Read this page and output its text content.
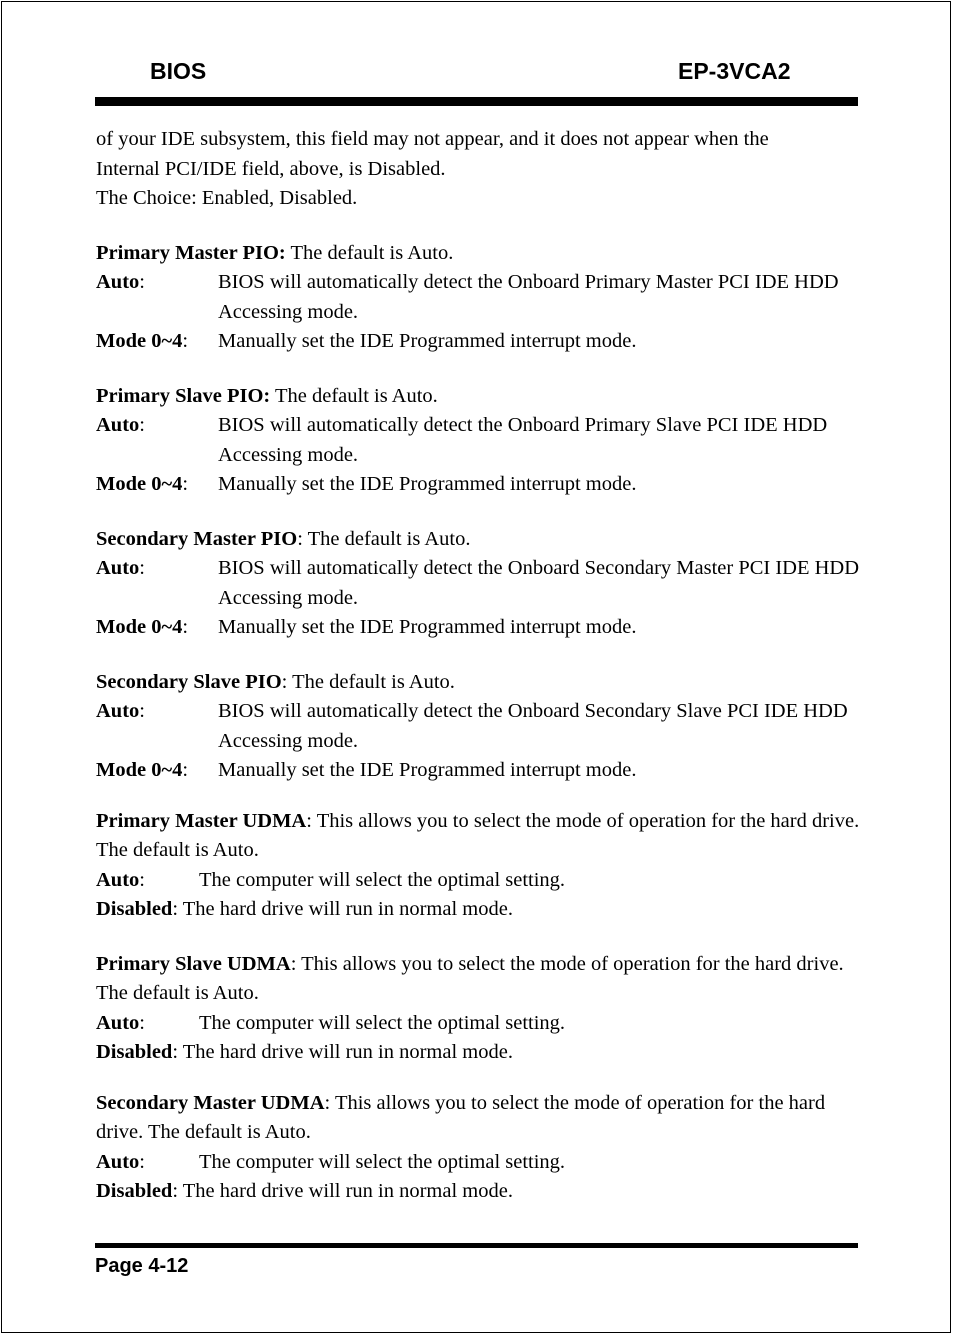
BIOS	EP-3VCA2

of your IDE subsystem, this field may not appear, and it does not appear when the

Internal PCI/IDE field, above, is Disabled.

The Choice: Enabled, Disabled.

Primary Master PIO: The default is Auto.

Auto:	BIOS will automatically detect the Onboard Primary Master PCI IDE HDD Accessing mode.
Mode 0~4:	Manually set the IDE Programmed interrupt mode.

Primary Slave PIO: The default is Auto.

Auto:	BIOS will automatically detect the Onboard Primary Slave PCI IDE HDD Accessing mode.
Mode 0~4:	Manually set the IDE Programmed interrupt mode.

Secondary Master PIO: The default is Auto.

Auto:	BIOS will automatically detect the Onboard Secondary Master PCI IDE HDD Accessing mode.
Mode 0~4:	Manually set the IDE Programmed interrupt mode.

Secondary Slave PIO: The default is Auto.

Auto:	BIOS will automatically detect the Onboard Secondary Slave PCI IDE HDD Accessing mode.
Mode 0~4:	Manually set the IDE Programmed interrupt mode.

Primary Master UDMA: This allows you to select the mode of operation for the hard drive. The default is Auto.

Auto:	The computer will select the optimal setting.

Disabled: The hard drive will run in normal mode.

Primary Slave UDMA: This allows you to select the mode of operation for the hard drive. The default is Auto.

Auto:	The computer will select the optimal setting.

Disabled: The hard drive will run in normal mode.

Secondary Master UDMA: This allows you to select the mode of operation for the hard drive. The default is Auto.

Auto:	The computer will select the optimal setting.

Disabled: The hard drive will run in normal mode.

Page 4-12
